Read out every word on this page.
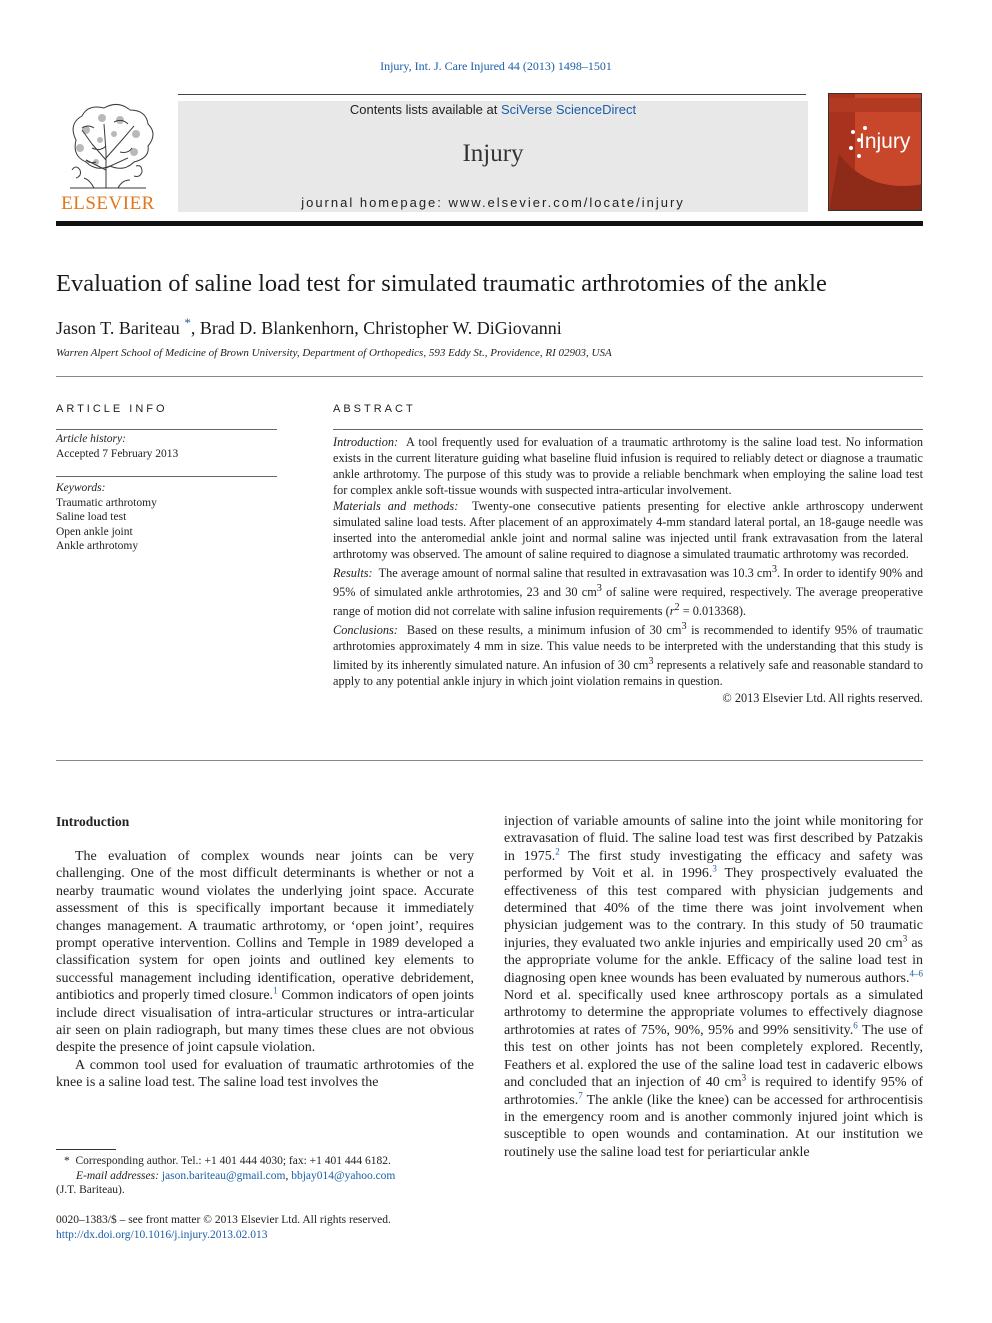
Injury, Int. J. Care Injured 44 (2013) 1498–1501
ELSEVIER
Contents lists available at SciVerse ScienceDirect
Injury
journal homepage: www.elsevier.com/locate/injury
Injury
Evaluation of saline load test for simulated traumatic arthrotomies of the ankle
Jason T. Bariteau *, Brad D. Blankenhorn, Christopher W. DiGiovanni
Warren Alpert School of Medicine of Brown University, Department of Orthopedics, 593 Eddy St., Providence, RI 02903, USA
ARTICLE INFO
Article history:
Accepted 7 February 2013
Keywords:
Traumatic arthrotomy
Saline load test
Open ankle joint
Ankle arthrotomy
ABSTRACT

Introduction: A tool frequently used for evaluation of a traumatic arthrotomy is the saline load test. No information exists in the current literature guiding what baseline fluid infusion is required to reliably detect or diagnose a traumatic ankle arthrotomy. The purpose of this study was to provide a reliable benchmark when employing the saline load test for complex ankle soft-tissue wounds with suspected intra-articular involvement.

Materials and methods: Twenty-one consecutive patients presenting for elective ankle arthroscopy underwent simulated saline load tests. After placement of an approximately 4-mm standard lateral portal, an 18-gauge needle was inserted into the anteromedial ankle joint and normal saline was injected until frank extravasation from the lateral arthrotomy was observed. The amount of saline required to diagnose a simulated traumatic arthrotomy was recorded.

Results: The average amount of normal saline that resulted in extravasation was 10.3 $cm^3$. In order to identify 90% and 95% of simulated ankle arthrotomies, 23 and 30 $cm^3$ of saline were required, respectively. The average preoperative range of motion did not correlate with saline infusion requirements $(r^2 = 0.013368)$.

Conclusions: Based on these results, a minimum infusion of 30 $cm^3$ is recommended to identify 95% of traumatic arthrotomies approximately 4 mm in size. This value needs to be interpreted with the understanding that this study is limited by its inherently simulated nature. An infusion of 30 $cm^3$ represents a relatively safe and reasonable standard to apply to any potential ankle injury in which joint violation remains in question.

© 2013 Elsevier Ltd. All rights reserved.

Introduction

The evaluation of complex wounds near joints can be very challenging. One of the most difficult determinants is whether or not a nearby traumatic wound violates the underlying joint space. Accurate assessment of this is specifically important because it immediately changes management. A traumatic arthrotomy, or ‘open joint’, requires prompt operative intervention. Collins and Temple in 1989 developed a classification system for open joints and outlined key elements to successful management including identification, operative debridement, antibiotics and properly timed closure.$^1$ Common indicators of open joints include direct visualisation of intra-articular structures or intra-articular air seen on plain radiograph, but many times these clues are not obvious despite the presence of joint capsule violation.

A common tool used for evaluation of traumatic arthrotomies of the knee is a saline load test. The saline load test involves the

injection of variable amounts of saline into the joint while monitoring for extravasation of fluid. The saline load test was first described by Patzakis in 1975.$^2$ The first study investigating the efficacy and safety was performed by Voit et al. in 1996.$^3$ They prospectively evaluated the effectiveness of this test compared with physician judgements and determined that 40% of the time there was joint involvement when physician judgement was to the contrary. In this study of 50 traumatic injuries, they evaluated two ankle injuries and empirically used 20 $cm^3$ as the appropriate volume for the ankle. Efficacy of the saline load test in diagnosing open knee wounds has been evaluated by numerous authors.$^{4-6}$ Nord et al. specifically used knee arthroscopy portals as a simulated arthrotomy to determine the appropriate volumes to effectively diagnose arthrotomies at rates of 75%, 90%, 95% and 99% sensitivity.$^6$ The use of this test on other joints has not been completely explored. Recently, Feathers et al. explored the use of the saline load test in cadaveric elbows and concluded that an injection of 40 $cm^3$ is required to identify 95% of arthrotomies.$^7$ The ankle (like the knee) can be accessed for arthrocentisis in the emergency room and is another commonly injured joint which is susceptible to open wounds and contamination. At our institution we routinely use the saline load test for periarticular ankle

* Corresponding author. Tel.: +1 401 444 4030; fax: +1 401 444 6182.
E-mail addresses: jason.bariteau@gmail.com, bbjay014@yahoo.com
(J.T. Bariteau).
0020–1383/$ – see front matter © 2013 Elsevier Ltd. All rights reserved.
http://dx.doi.org/10.1016/j.injury.2013.02.013
